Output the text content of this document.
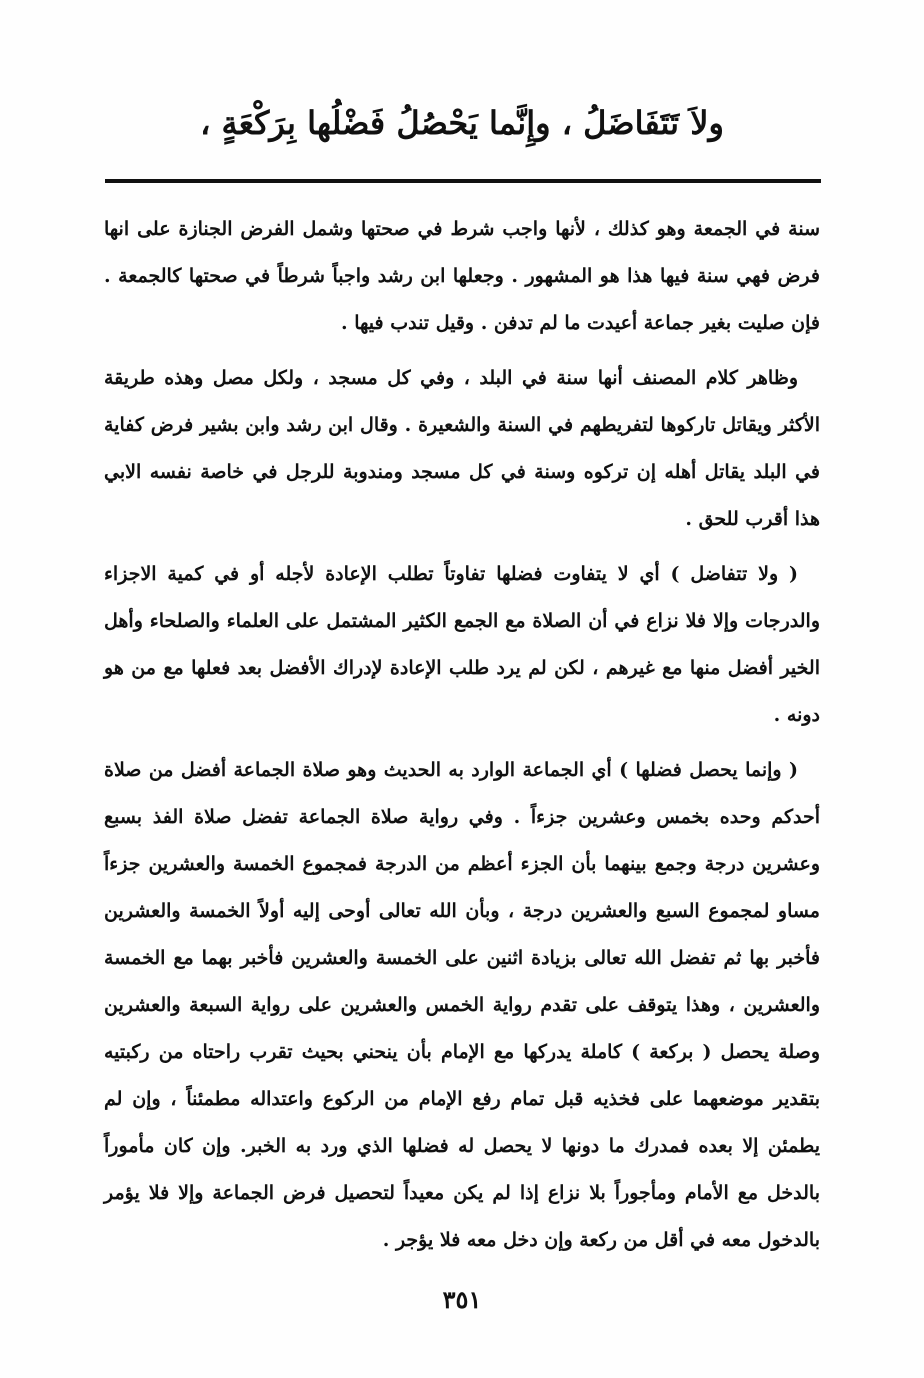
ولاَ تَتَفَاضَلُ ، وإِنَّما يَحْصُلُ فَضْلُها بِرَكْعَةٍ ،

سنة في الجمعة وهو كذلك ، لأنها واجب شرط في صحتها وشمل الفرض الجنازة على انها فرض فهي سنة فيها هذا هو المشهور . وجعلها ابن رشد واجباً شرطاً في صحتها كالجمعة . فإن صليت بغير جماعة أعيدت ما لم تدفن . وقيل تندب فيها .

وظاهر كلام المصنف أنها سنة في البلد ، وفي كل مسجد ، ولكل مصل وهذه طريقة الأكثر ويقاتل تاركوها لتفريطهم في السنة والشعيرة . وقال ابن رشد وابن بشير فرض كفاية في البلد يقاتل أهله إن تركوه وسنة في كل مسجد ومندوبة للرجل في خاصة نفسه الابي هذا أقرب للحق .

( ولا تتفاضل ) أي لا يتفاوت فضلها تفاوتاً تطلب الإعادة لأجله أو في كمية الاجزاء والدرجات وإلا فلا نزاع في أن الصلاة مع الجمع الكثير المشتمل على العلماء والصلحاء وأهل الخير أفضل منها مع غيرهم ، لكن لم يرد طلب الإعادة لإدراك الأفضل بعد فعلها مع من هو دونه .

( وإنما يحصل فضلها ) أي الجماعة الوارد به الحديث وهو صلاة الجماعة أفضل من صلاة أحدكم وحده بخمس وعشرين جزءاً . وفي رواية صلاة الجماعة تفضل صلاة الفذ بسبع وعشرين درجة وجمع بينهما بأن الجزء أعظم من الدرجة فمجموع الخمسة والعشرين جزءاً مساو لمجموع السبع والعشرين درجة ، وبأن الله تعالى أوحى إليه أولاً الخمسة والعشرين فأخبر بها ثم تفضل الله تعالى بزيادة اثنين على الخمسة والعشرين فأخبر بهما مع الخمسة والعشرين ، وهذا يتوقف على تقدم رواية الخمس والعشرين على رواية السبعة والعشرين وصلة يحصل ( بركعة ) كاملة يدركها مع الإمام بأن ينحني بحيث تقرب راحتاه من ركبتيه بتقدير موضعهما على فخذيه قبل تمام رفع الإمام من الركوع واعتداله مطمئناً ، وإن لم يطمئن إلا بعده فمدرك ما دونها لا يحصل له فضلها الذي ورد به الخبر. وإن كان مأموراً بالدخل مع الأمام ومأجوراً بلا نزاع إذا لم يكن معيداً لتحصيل فرض الجماعة وإلا فلا يؤمر بالدخول معه في أقل من ركعة وإن دخل معه فلا يؤجر .

٣٥١
